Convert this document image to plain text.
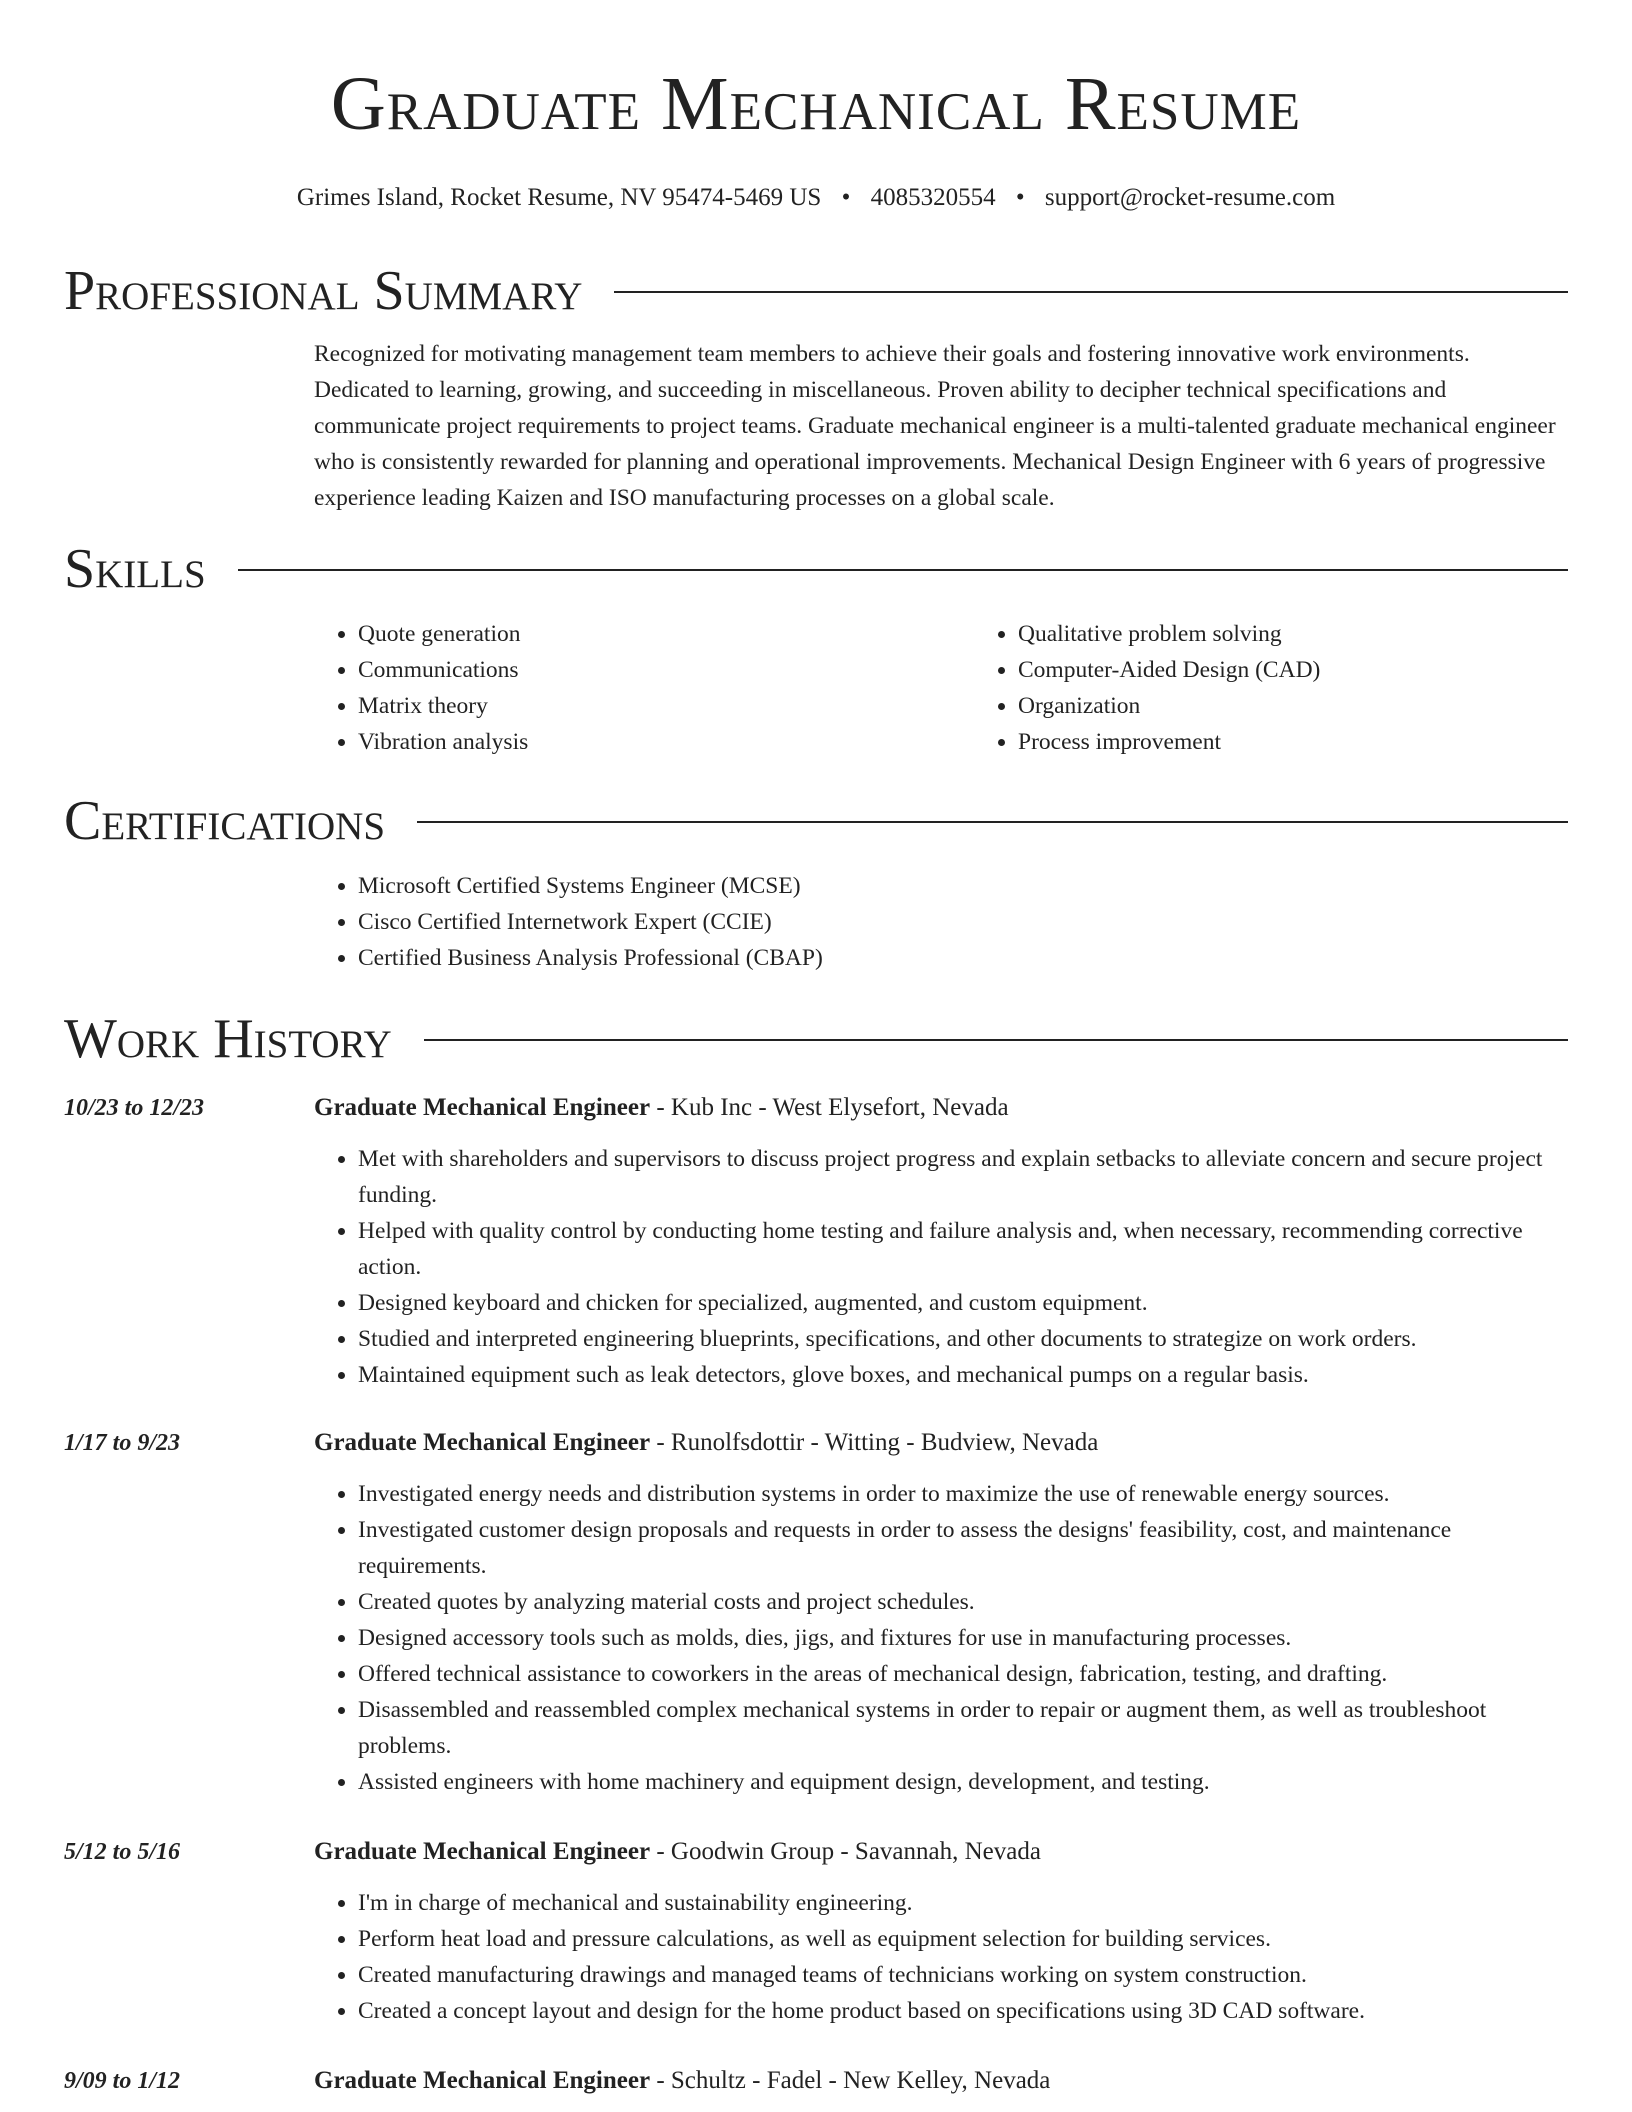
Graduate Mechanical Resume
Grimes Island, Rocket Resume, NV 95474-5469 US • 4085320554 • support@rocket-resume.com
Professional Summary

Recognized for motivating management team members to achieve their goals and fostering innovative work environments. Dedicated to learning, growing, and succeeding in miscellaneous. Proven ability to decipher technical specifications and communicate project requirements to project teams. Graduate mechanical engineer is a multi-talented graduate mechanical engineer who is consistently rewarded for planning and operational improvements. Mechanical Design Engineer with 6 years of progressive experience leading Kaizen and ISO manufacturing processes on a global scale.

Skills
• Quote generation
• Communications
• Matrix theory
• Vibration analysis
• Qualitative problem solving
• Computer-Aided Design (CAD)
• Organization
• Process improvement
Certifications
• Microsoft Certified Systems Engineer (MCSE)
• Cisco Certified Internetwork Expert (CCIE)
• Certified Business Analysis Professional (CBAP)
Work History
10/23 to 12/23	Graduate Mechanical Engineer - Kub Inc - West Elysefort, Nevada
• Met with shareholders and supervisors to discuss project progress and explain setbacks to alleviate concern and secure project funding.
• Helped with quality control by conducting home testing and failure analysis and, when necessary, recommending corrective action.
• Designed keyboard and chicken for specialized, augmented, and custom equipment.
• Studied and interpreted engineering blueprints, specifications, and other documents to strategize on work orders.
• Maintained equipment such as leak detectors, glove boxes, and mechanical pumps on a regular basis.
1/17 to 9/23	Graduate Mechanical Engineer - Runolfsdottir - Witting - Budview, Nevada
• Investigated energy needs and distribution systems in order to maximize the use of renewable energy sources.
• Investigated customer design proposals and requests in order to assess the designs' feasibility, cost, and maintenance requirements.
• Created quotes by analyzing material costs and project schedules.
• Designed accessory tools such as molds, dies, jigs, and fixtures for use in manufacturing processes.
• Offered technical assistance to coworkers in the areas of mechanical design, fabrication, testing, and drafting.
• Disassembled and reassembled complex mechanical systems in order to repair or augment them, as well as troubleshoot problems.
• Assisted engineers with home machinery and equipment design, development, and testing.
5/12 to 5/16	Graduate Mechanical Engineer - Goodwin Group - Savannah, Nevada
• I'm in charge of mechanical and sustainability engineering.
• Perform heat load and pressure calculations, as well as equipment selection for building services.
• Created manufacturing drawings and managed teams of technicians working on system construction.
• Created a concept layout and design for the home product based on specifications using 3D CAD software.
9/09 to 1/12	Graduate Mechanical Engineer - Schultz - Fadel - New Kelley, Nevada
